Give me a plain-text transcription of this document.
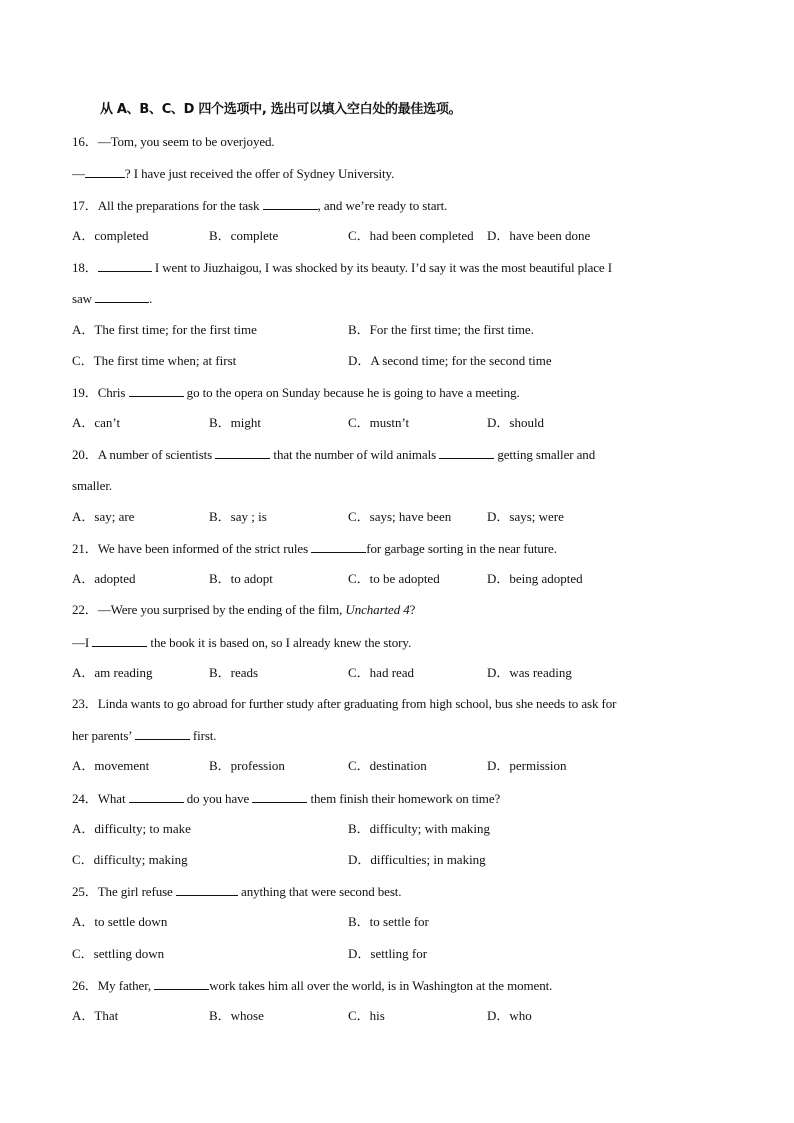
从 A、B、C、D 四个选项中, 选出可以填入空白处的最佳选项。
16．—Tom, you seem to be overjoyed.
—	? I have just received the offer of Sydney University.
17．All the preparations for the task	, and we’re ready to start.
A．completed	B．complete	C．had been completed D．have been done
18．	I went to Jiuzhaigou, I was shocked by its beauty. I’d say it was the most beautiful place I
saw	.
A．The first time; for the first time	B．For the first time; the first time.
C．The first time when; at first	D．A second time; for the second time
19．Chris	go to the opera on Sunday because he is going to have a meeting.
A．can’t	B．might	C．mustn’t	D．should
20．A number of scientists	that the number of wild animals	getting smaller and
smaller.
A．say; are	B．say ; is	C．says; have been	D．says; were
21．We have been informed of the strict rules	for garbage sorting in the near future.
A．adopted	B．to adopt	C．to be adopted	D．being adopted
22．—Were you surprised by the ending of the film, Uncharted 4?
—I	the book it is based on, so I already knew the story.
A．am reading	B．reads	C．had read	D．was reading
23．Linda wants to go abroad for further study after graduating from high school, bus she needs to ask for
her parents’	first.
A．movement	B．profession	C．destination	D．permission
24．What	do you have	them finish their homework on time?
A．difficulty; to make	B．difficulty; with making
C．difficulty; making	D．difficulties; in making
25．The girl refuse	anything that were second best.
A．to settle down	B．to settle for
C．settling down	D．settling for
26．My father,	work takes him all over the world, is in Washington at the moment.
A．That	B．whose	C．his	D．who
